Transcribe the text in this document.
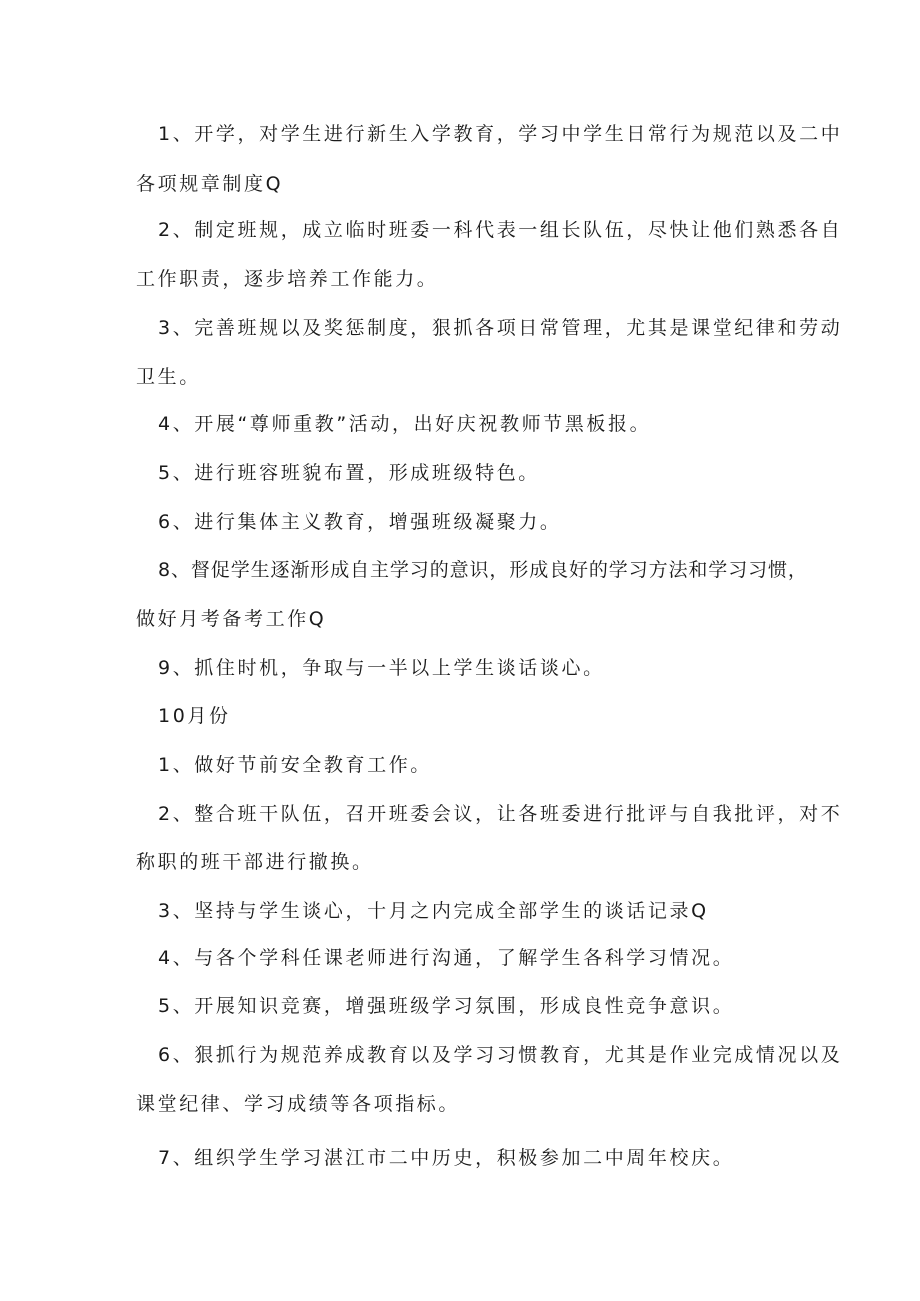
1、开学，对学生进行新生入学教育，学习中学生日常行为规范以及二中
各项规章制度Q
2、制定班规，成立临时班委一科代表一组长队伍，尽快让他们熟悉各自
工作职责，逐步培养工作能力。
3、完善班规以及奖惩制度，狠抓各项日常管理，尤其是课堂纪律和劳动
卫生。
4、开展“尊师重教”活动，出好庆祝教师节黑板报。
5、进行班容班貌布置，形成班级特色。
6、进行集体主义教育，增强班级凝聚力。
8、督促学生逐渐形成自主学习的意识，形成良好的学习方法和学习习惯，
做好月考备考工作Q
9、抓住时机，争取与一半以上学生谈话谈心。
10月份
1、做好节前安全教育工作。
2、整合班干队伍，召开班委会议，让各班委进行批评与自我批评，对不
称职的班干部进行撤换。
3、坚持与学生谈心，十月之内完成全部学生的谈话记录Q
4、与各个学科任课老师进行沟通，了解学生各科学习情况。
5、开展知识竞赛，增强班级学习氛围，形成良性竞争意识。
6、狠抓行为规范养成教育以及学习习惯教育，尤其是作业完成情况以及
课堂纪律、学习成绩等各项指标。
7、组织学生学习湛江市二中历史，积极参加二中周年校庆。
